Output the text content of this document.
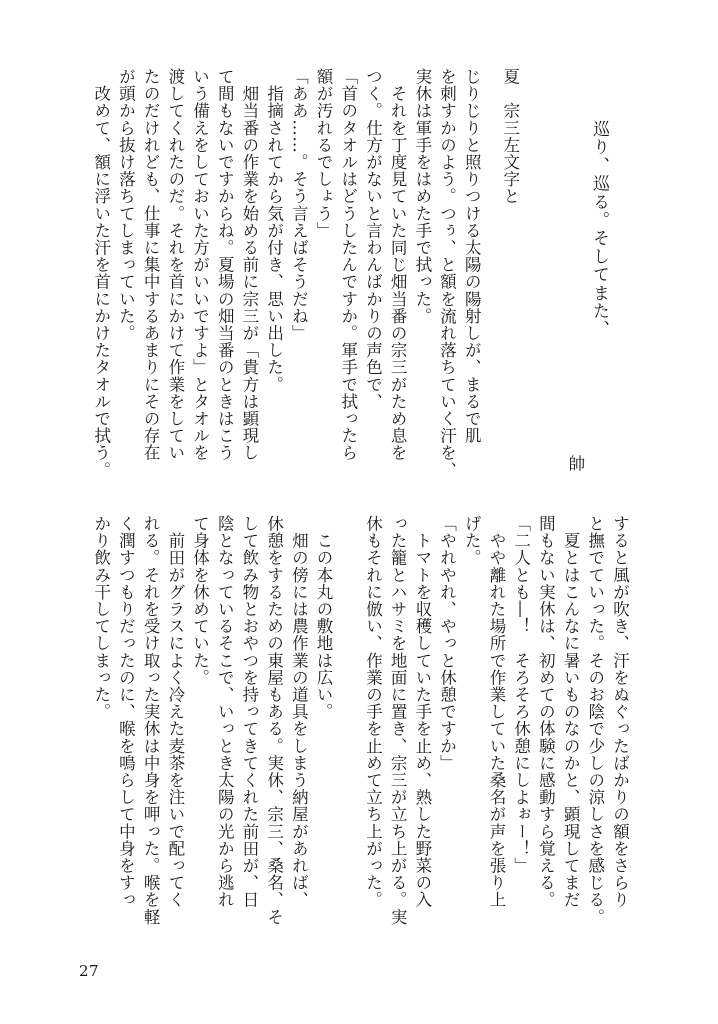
巡り、巡る。そしてまた、
帥
夏　宗三左文字と
じりじりと照りつける太陽の陽射しが、まるで肌
を刺すかのよう。つぅ、と額を流れ落ちていく汗を、
実休は軍手をはめた手で拭った。
　それを丁度見ていた同じ畑当番の宗三がため息を
つく。仕方がないと言わんばかりの声色で、
「首のタオルはどうしたんですか。軍手で拭ったら
額が汚れるでしょう」
「ああ……。そう言えばそうだね」
　指摘されてから気が付き、思い出した。
　畑当番の作業を始める前に宗三が「貴方は顕現し
て間もないですからね。夏場の畑当番のときはこう
いう備えをしておいた方がいいですよ」とタオルを
渡してくれたのだ。それを首にかけて作業をしてい
たのだけれども、仕事に集中するあまりにその存在
が頭から抜け落ちてしまっていた。
　改めて、額に浮いた汗を首にかけたタオルで拭う。
すると風が吹き、汗をぬぐったばかりの額をさらり
と撫でていった。そのお陰で少しの涼しさを感じる。
　夏とはこんなに暑いものなのかと、顕現してまだ
間もない実休は、初めての体験に感動すら覚える。
「二人とも―！　そろそろ休憩にしよぉー！」
　やや離れた場所で作業していた桑名が声を張り上
げた。
「やれやれ、やっと休憩ですか」
　トマトを収穫していた手を止め、熟した野菜の入
った籠とハサミを地面に置き、宗三が立ち上がる。実
休もそれに倣い、作業の手を止めて立ち上がった。
　この本丸の敷地は広い。
　畑の傍には農作業の道具をしまう納屋があれば、
休憩をするための東屋もある。実休、宗三、桑名、そ
して飲み物とおやつを持ってきてくれた前田が、日
陰となっているそこで、いっとき太陽の光から逃れ
て身体を休めていた。
　前田がグラスによく冷えた麦茶を注いで配ってく
れる。それを受け取った実休は中身を呷った。喉を軽
く潤すつもりだったのに、喉を鳴らして中身をすっ
かり飲み干してしまった。
27
